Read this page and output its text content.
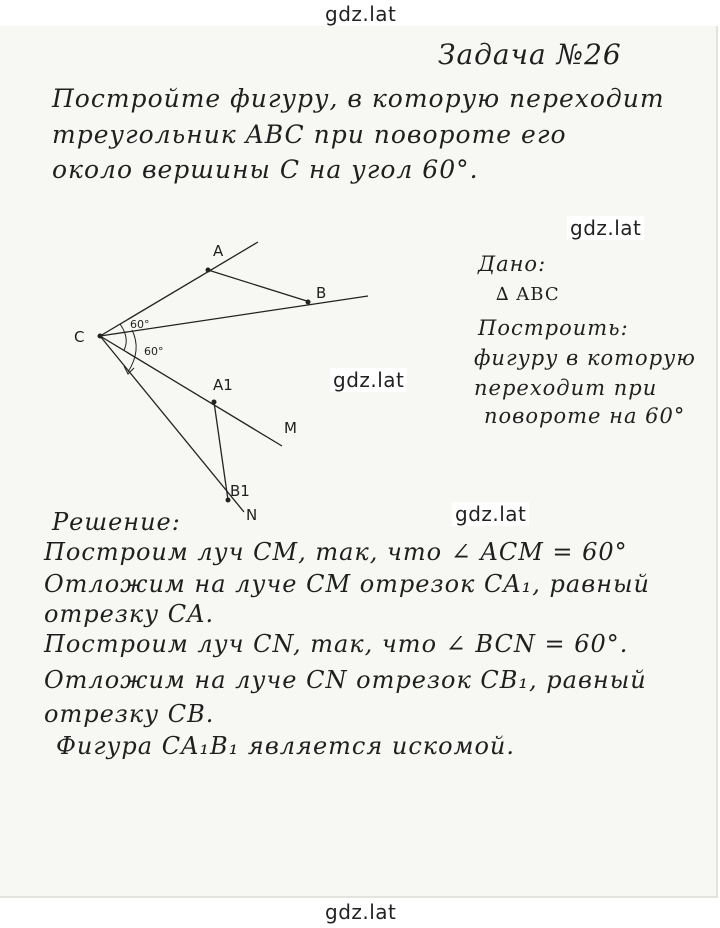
gdz.lat
gdz.lat
gdz.lat
gdz.lat
gdz.lat
Задача №26
Постройте фигуру, в которую переходит
треугольник ABC при повороте его
около вершины C на угол 60°.
Дано:
∆ ABC
Построить:
фигуру в которую
переходит при
повороте на 60°
A
B
C
A1
B1
M
N
60°
60°
Решение:
Построим луч CM, так, что ∠ ACM = 60°
Отложим на луче CM отрезок CA₁, равный
отрезку CA.
Построим луч CN, так, что ∠ BCN = 60°.
Отложим на луче CN отрезок CB₁, равный
отрезку CB.
Фигура CA₁B₁ является искомой.
